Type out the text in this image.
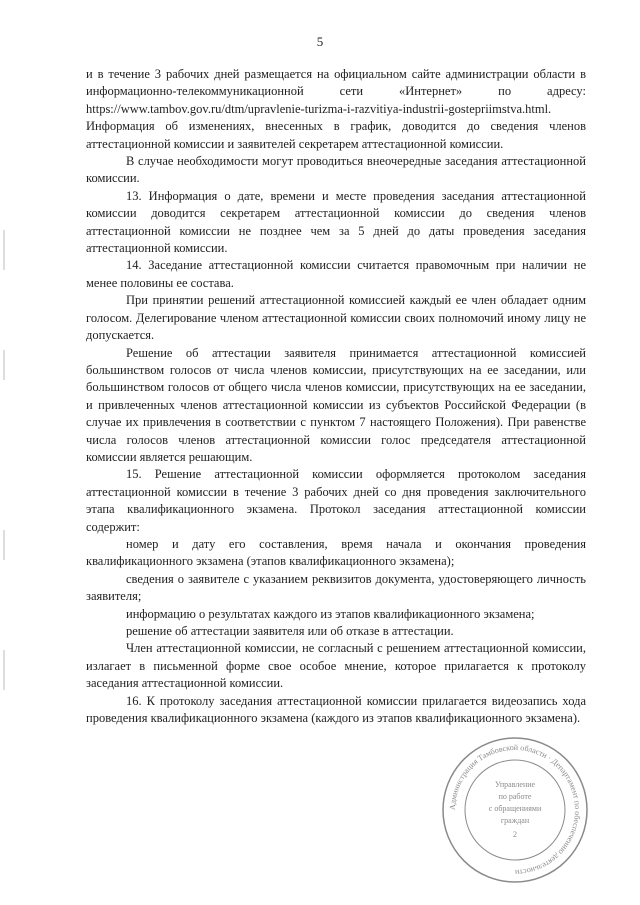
5

и в течение 3 рабочих дней размещается на официальном сайте администрации области в информационно-телекоммуникационной сети «Интернет» по адресу: https://www.tambov.gov.ru/dtm/upravlenie-turizma-i-razvitiya-industrii-gostepriimstva.html. Информация об изменениях, внесенных в график, доводится до сведения членов аттестационной комиссии и заявителей секретарем аттестационной комиссии.

В случае необходимости могут проводиться внеочередные заседания аттестационной комиссии.

13. Информация о дате, времени и месте проведения заседания аттестационной комиссии доводится секретарем аттестационной комиссии до сведения членов аттестационной комиссии не позднее чем за 5 дней до даты проведения заседания аттестационной комиссии.

14. Заседание аттестационной комиссии считается правомочным при наличии не менее половины ее состава.

При принятии решений аттестационной комиссией каждый ее член обладает одним голосом. Делегирование членом аттестационной комиссии своих полномочий иному лицу не допускается.

Решение об аттестации заявителя принимается аттестационной комиссией большинством голосов от числа членов комиссии, присутствующих на ее заседании, или большинством голосов от общего числа членов комиссии, присутствующих на ее заседании, и привлеченных членов аттестационной комиссии из субъектов Российской Федерации (в случае их привлечения в соответствии с пунктом 7 настоящего Положения). При равенстве числа голосов членов аттестационной комиссии голос председателя аттестационной комиссии является решающим.

15. Решение аттестационной комиссии оформляется протоколом заседания аттестационной комиссии в течение 3 рабочих дней со дня проведения заключительного этапа квалификационного экзамена. Протокол заседания аттестационной комиссии содержит:

номер и дату его составления, время начала и окончания проведения квалификационного экзамена (этапов квалификационного экзамена);

сведения о заявителе с указанием реквизитов документа, удостоверяющего личность заявителя;

информацию о результатах каждого из этапов квалификационного экзамена;

решение об аттестации заявителя или об отказе в аттестации.

Член аттестационной комиссии, не согласный с решением аттестационной комиссии, излагает в письменной форме свое особое мнение, которое прилагается к протоколу заседания аттестационной комиссии.

16. К протоколу заседания аттестационной комиссии прилагается видеозапись хода проведения квалификационного экзамена (каждого из этапов квалификационного экзамена).

Администрация Тамбовской области · Департамент по обеспечению деятельности
Управление
по работе
с обращениями
граждан
2
